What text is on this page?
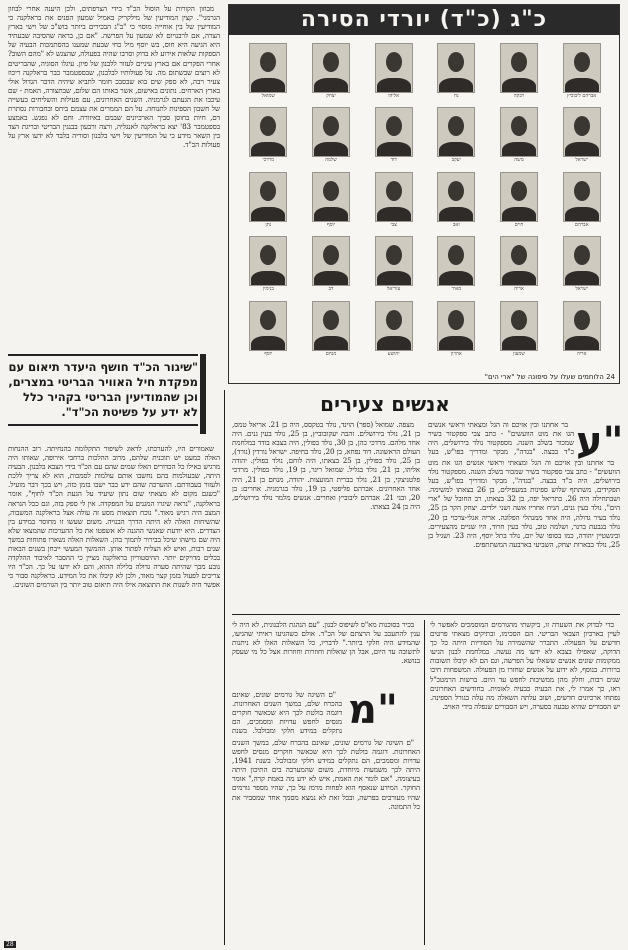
כ"ג (כ"ד) יורדי הסירה
אברהם ליבוביץ
רבקה
נח
אליהו
יצחק
שמואל
ישראל
משה
יעקב
דוד
שלמה
מרדכי
אברהם
חיים
זאב
צבי
יוסף
נתן
ישראל
אריה
מאיר
עזריאל
דב
בנימין
אריה
שמעון
אהרון
יהושע
מנחם
יוסף
24 הלוחמים שעלו על סיפונה של "ארי הים"

מבוזון הקורות על הוסול הכ"ד בידי הצרפתים, ולכן היענה אחרי לבוזון הגרמני". קצין המודיעין של מילקריק באמיל שמעון הפנים את בראלקנה כי המודיעין של בין אוחייה מוסוי כי "ב"ג הבכירים ביותר בוש"כ של וישי בארץ הצרה, אם לרבנויום לא שמעון על הפרשה. "אם כן, בראה שהסיבה שבעתיד היא הגיעה היא חוס, בש יוסף מיל כחי שבעת שמענו בהסתמכות הבעיה של הספקות שלאות אירוע לא בדוק וסרבו שהיה בפעולה, שהצגש לא "מהם השוב? אחרי הפקרים אם בארץ עיניים לעזור ללבנון של פיון. עיגלו הסוגיה, שהבריטים לא רוצים שבשתום מה. על פעולותיו לבלבנון, שבספטמבר כבר בראלקנה ריכוז צעיר רבה, לא ספק שים בוא שבסבכ חומר לתביא שיהיה הדבר הגדול אולי בארץ הארחים. נתונים באישום, אשר באותו הם שלום, שבתצורה, האמת - שם עיכבו את הגעתם לגרמניה. השנים האחרונים, עם פעילות והשליחים בעשייה של חשבון הספינות לתנוחה. על הם הממרים את עצמם ביחס ובחבורות נסתרת דם, חיות בחוסן סביך הארכיונים שבמם באיזורה. וחם לא נפגש. באמצע בספטמבר 83' יצא בראלקנה לאנגליה, ורצה ורבעון בבנגין הבריטי ובריגת הצד בין השאר מידע כי על המודיעין של וישי בלבנון וסוריה בלבד לא ידעו ארץ על פעולות הכ"ד.

"שיגור הכ"ד חושף היעדר תיאום עם מפקדת חיל האוויר הבריטי במצרים, וכן שהמודיעין הבריטי בקהיר כלל לא ידע על פשיטת הכ"ד".

שאמורים היו, להערכתו, לדאוג לשיפור התקלומה בהנחיתה. רוב ההנחות האלה כמעט יש תוכנית שלהם, מרוב ההלכות ברחבי אירופה, שאותו היה מרגיש כאילו כל הכדורים האלו שמים שהם עם הכ"ד בידי הצבא בלבנון. הבעיה היתה, שבעולמות בהם נחשבו אותם עולמות לסמכות, הוא לא צריך ללכת ולעזור בעבודתם. ההערכה שהם ידע כבר ישבו בזמן כזה, ויש בכך דבר מועיל. "כשגם מקום לא מצאתי שום נתון שיעיד על הגעת הכ"ד לחוף", אומר בראלקנה, "נראה שיגרו המגנים על המפקדה. אין לי ספק בזה, וגם ככל הנראה המצב היה רגיש מאוד." נוכח תוצאות מסע זה עולה אצל בראלקנה המשבוה, שהשיחות האלה לא היתה הדרך הבנויה. משום שעשו זו מחוסר במידע בין הצדדים. היא יודעת שאנשי ההגנה לא אשפטו את כל ההערכות שהמצאו שלא היה שם מישהו שיכל בבירור לתמוך בהן. השאלות האלה נשארו פתוחות במשך שנים רבות, ואיש לא הצליח לפתור אותן. ההמשך המעשי ייבחן בשנים הבאות בכלים מדויקים יותר. ההיסטוריון בראלקנה מציין כי ההסבר לאיבוד ההלקדה נובע מכך שהיתה סערה גדולה בלילה ההוא, והם לא ידעו על כך. הכ"ד היו צריכים לפעול בזמן קצר מאוד, ולכן לא קיבלו את כל המידע. בראלקנה סבור כי אפשר היה לשנות את התוצאה אילו היה תיאום טוב יותר בין הגורמים השונים.

אנשים צעירים
"ע

בר אחתנו ובין אזיכם וה הגל ומצאתי וראשי אנשים הגו את מוט הוועשים" - כתב צבי ספקטור בשיר שמכור בשלב השנה. מספקטור נולד בירושלים, היה כ"ד בבצה. "בגדה", מבקר ומדריך בפו"ש, בעל

בר אחתנו ובין אזיכם וה הגל ומצאתי וראשי אנשים הגו את מוט הוועשים" - כתב צבי ספקטור בשיר שמכור בשלב השנה. מספקטור נולד בירושלים, היה כ"ד בבצה. "בגדה", מבקר ומדריך בפו"ש, בעל תפקידים, משתתף שלוש ספינות במעפילים, בן 26 בצאתו למשימה. ושבתחילה היה 26. כתריאל יפה, בן 32 בצאתו, רב החובל של "ארי הים", נולד בעין גנים, הניח אחריו אשה ושני ילדים. יצחק הקר בן 25, נולד בעיר גדולה, היה אחד ממנהלי הפלוגה. אריה אגלי-צרכוי בן 20, נולד בגבעת ברנר, ושלמה טוב, נולד בעין חרוד, היו שניים מהצעירים. ובינשטיין יהודה, כמו בסופו של יום, נולד בתל יוסף, היה 23. ושגיל בן 25, נולד בבארות יצחק, השביעי בארבעה המשתתפים.

מצפה. שמואל (ספר) הוינד, נולד בטקסס, היה בן 21. אריאל טמס, בן 21, נולד בירושלים. זהבה יעקובוביץ, בן 25, נולד בעין גנים. היה אחד מלהם. מרדכי כהן, בן 30, נולד בפולין, היה בצבא בודד במלחמת העולם הראשונה. דוד נפחא, בן 20, נולד בחיפה. ישראל נורדין (נורד), בן 25, נולד בפולין, בן 25 בצאתו, היה לוחם, נולד בפולין. יהודה אליהו, בן 21, נולד בגליל. שמואל ריגר, בן 19, נולד בפולין. מרדכי פלטניצקי, בן 21, נולד בברית המועצות. יהודה, מנחם בן 21, היה אחד האחרונים. אברהם פליפטי, בן 19, נולד בגרמניה. אחרים: בן 20, ובני 21. אברהם ליבוביץ ואחרים. אנשים מלמר נולד בירושלים, היה בן 24 בצאתו.

בכיר בסוכנות מא"ס לשיפוס לבנון. "עם הנהגת הלבנונית, לא היה לי ענין להתעכב על הרצתם של הכ"ד. אולם כשהגיעו ראיתי שהגיעו, שהמידע היה חלקי ביותר." לדבריו, כל השאלות האלו לא ניתנות לתשובה עד היום, אבל הן שואלות וחוזרות וחוזרות אצל כל מי שעסק בנושא.

"מ

"ם השיגה של גורמים שונים, שאינם בהכרח שלם, במשך השנים האחרונות. דוגמה בולטת לכך היא שכאשר חוקרים מנסים לחפש עדויות ומסמכים, הם נתקלים במידע חלקי ומבולבל. בשנת

"ם השיגה של גורמים שונים, שאינם בהכרח שלם, במשך השנים האחרונות. דוגמה בולטת לכך היא שכאשר חוקרים מנסים לחפש עדויות ומסמכים, הם נתקלים במידע חלקי ומבולבל. בשנת 1941, היתה לכך משמעות מיוחדת, משום שהמערכה בים התיכון היתה בעיצומה. "אם לומר את האמת, איש לא ידע מה באמת קרה," אומר החוקר. המידע שנאסף הוא לפחות מרמז על כך, שהיו מספר גורמים שהיו מעורבים בפרשה, ובכל זאת לא נמצא מסמך אחד שמסביר את כל התמונה.

כדי לבדוק את השערה זו, ביקשתי מהגורמים המוסמכים לאפשר לי לעיין בארכיון הצבאי הבריטי. הם הסכימו, ובתיקים מצאתי פרטים חדשים על הפעולה. התברר שהשמירה על הסודיות היתה כל כך הדוקה, שאפילו בצבא לא ידעו מה נעשה. במלחמת לבנון הגיעו ממקומות שונים אנשים ששאלו על הפרשה, וגם הם לא קיבלו תשובות ברורות. בנוסף, לא ידוע על אנשים שחזרו מן הפעולה. המשפחות חיכו שנים רבות, וחלק מהן ממשיכות לחפש עד היום. ברשות הרמטכ"ל ראו, כך אמרו לי, את הבעיה כבעיה לאומית. בחודשים האחרונים נפתחו ארכיונים חדשים, ושוב עלתה השאלה מה עלה בגורל הספינה. יש הסבורים שהיא טבעה בסערה, ויש הסבורים שנפלה בידי האויב.

28
